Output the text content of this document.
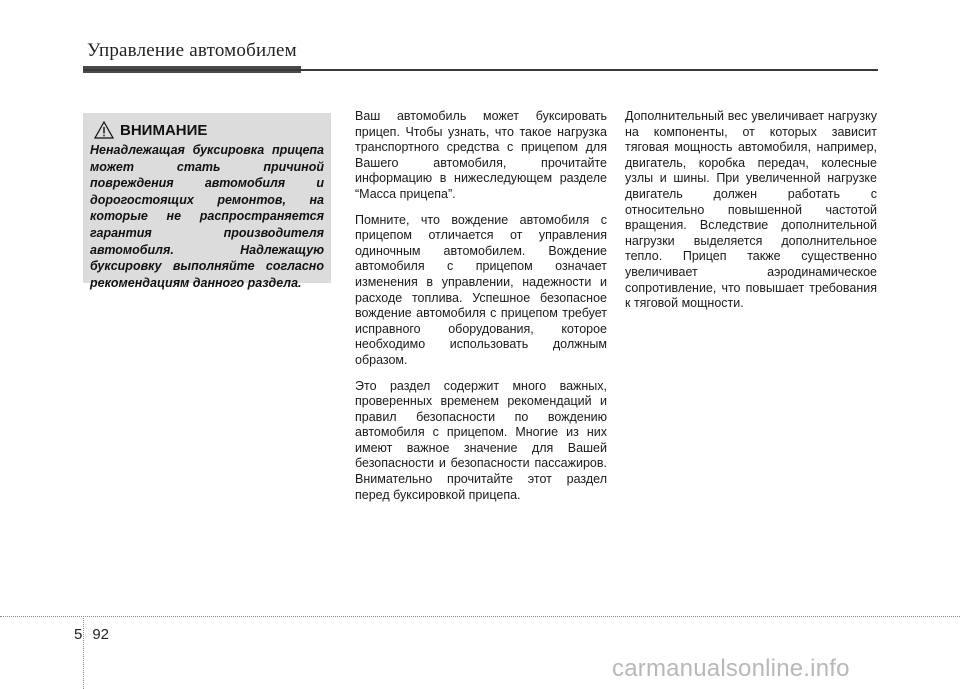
Управление автомобилем
ВНИМАНИЕ
Ненадлежащая буксировка прицепа может стать причиной повреждения автомобиля и дорогостоящих ремонтов, на которые не распространяется гарантия производителя автомобиля. Надлежащую буксировку выполняйте согласно рекомендациям данного раздела.

Ваш автомобиль может буксировать прицеп. Чтобы узнать, что такое нагрузка транспортного средства с прицепом для Вашего автомобиля, прочитайте информацию в нижеследующем разделе “Масса прицепа”.

Помните, что вождение автомобиля с прицепом отличается от управления одиночным автомобилем. Вождение автомобиля с прицепом означает изменения в управлении, надежности и расходе топлива. Успешное безопасное вождение автомобиля с прицепом требует исправного оборудования, которое необходимо использовать должным образом.

Это раздел содержит много важных, проверенных временем рекомендаций и правил безопасности по вождению автомобиля с прицепом. Многие из них имеют важное значение для Вашей безопасности и безопасности пассажиров. Внимательно прочитайте этот раздел перед буксировкой прицепа.

Дополнительный вес увеличивает нагрузку на компоненты, от которых зависит тяговая мощность автомобиля, например, двигатель, коробка передач, колесные узлы и шины. При увеличенной нагрузке двигатель должен работать с относительно повышенной частотой вращения. Вследствие дополнительной нагрузки выделяется дополнительное тепло. Прицеп также существенно увеличивает аэродинамическое сопротивление, что повышает требования к тяговой мощности.

5 92
carmanualsonline.info
